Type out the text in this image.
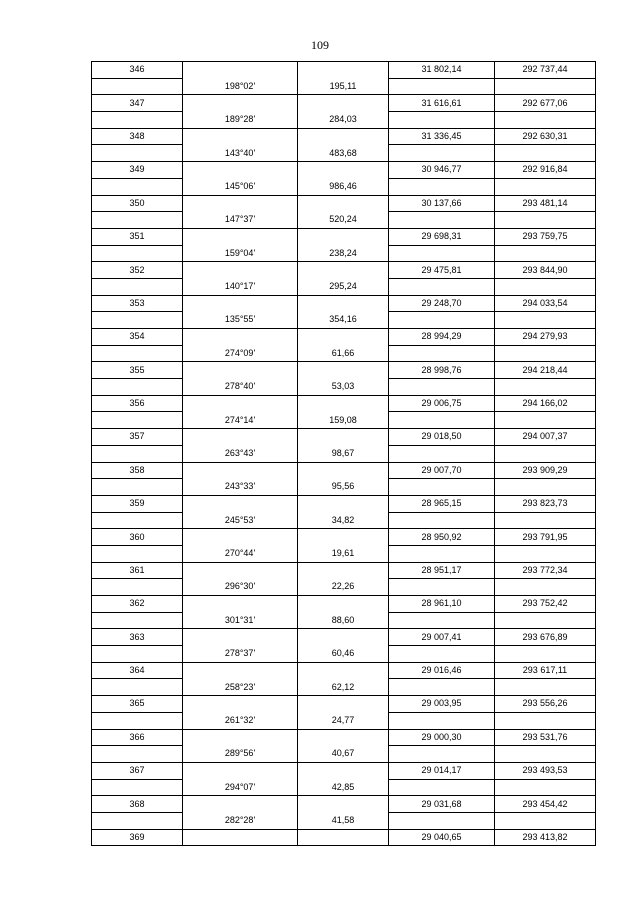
109
346			31 802,14	292 737,44
	198°02'	195,11		
347			31 616,61	292 677,06
	189°28'	284,03		
348			31 336,45	292 630,31
	143°40'	483,68		
349			30 946,77	292 916,84
	145°06'	986,46		
350			30 137,66	293 481,14
	147°37'	520,24		
351			29 698,31	293 759,75
	159°04'	238,24		
352			29 475,81	293 844,90
	140°17'	295,24		
353			29 248,70	294 033,54
	135°55'	354,16		
354			28 994,29	294 279,93
	274°09'	61,66		
355			28 998,76	294 218,44
	278°40'	53,03		
356			29 006,75	294 166,02
	274°14'	159,08		
357			29 018,50	294 007,37
	263°43'	98,67		
358			29 007,70	293 909,29
	243°33'	95,56		
359			28 965,15	293 823,73
	245°53'	34,82		
360			28 950,92	293 791,95
	270°44'	19,61		
361			28 951,17	293 772,34
	296°30'	22,26		
362			28 961,10	293 752,42
	301°31'	88,60		
363			29 007,41	293 676,89
	278°37'	60,46		
364			29 016,46	293 617,11
	258°23'	62,12		
365			29 003,95	293 556,26
	261°32'	24,77		
366			29 000,30	293 531,76
	289°56'	40,67		
367			29 014,17	293 493,53
	294°07'	42,85		
368			29 031,68	293 454,42
	282°28'	41,58		
369			29 040,65	293 413,82
